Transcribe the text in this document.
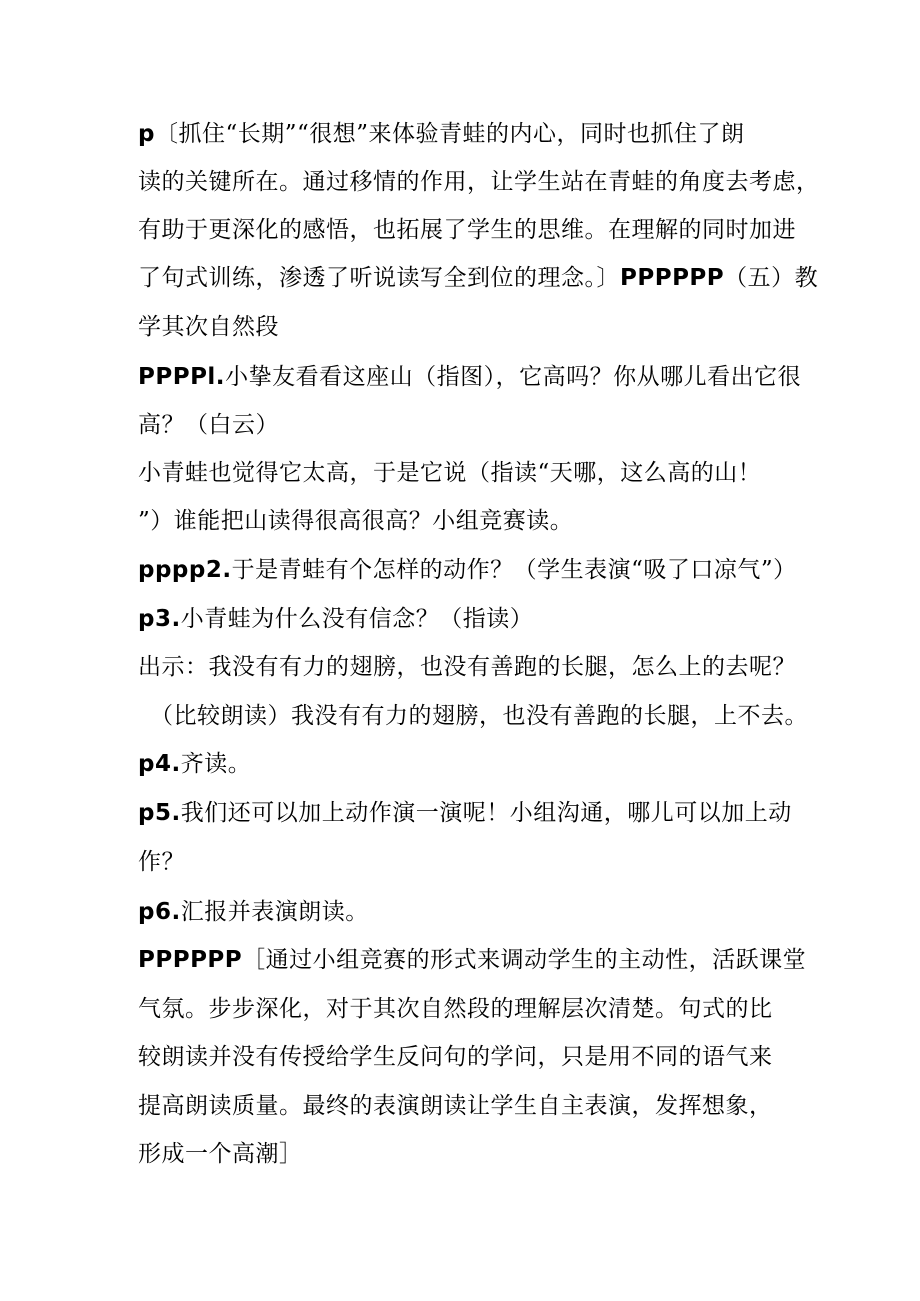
p〔抓住“长期”“很想”来体验青蛙的内心，同时也抓住了朗
读的关键所在。通过移情的作用，让学生站在青蛙的角度去考虑，
有助于更深化的感悟，也拓展了学生的思维。在理解的同时加进
了句式训练，渗透了听说读写全到位的理念。〕PPPPPP（五）教
学其次自然段
PPPPl.小挚友看看这座山（指图），它高吗？你从哪儿看出它很
高？（白云）
小青蛙也觉得它太高，于是它说（指读“天哪，这么高的山！
”）谁能把山读得很高很高？小组竞赛读。
pppp2.于是青蛙有个怎样的动作？（学生表演“吸了口凉气”）
p3.小青蛙为什么没有信念？（指读）
出示：我没有有力的翅膀，也没有善跑的长腿，怎么上的去呢？
（比较朗读）我没有有力的翅膀，也没有善跑的长腿，上不去。
p4.齐读。
p5.我们还可以加上动作演一演呢！小组沟通，哪儿可以加上动
作？
p6.汇报并表演朗读。
PPPPPP［通过小组竞赛的形式来调动学生的主动性，活跃课堂
气氛。步步深化，对于其次自然段的理解层次清楚。句式的比
较朗读并没有传授给学生反问句的学问，只是用不同的语气来
提高朗读质量。最终的表演朗读让学生自主表演，发挥想象，
形成一个高潮］
